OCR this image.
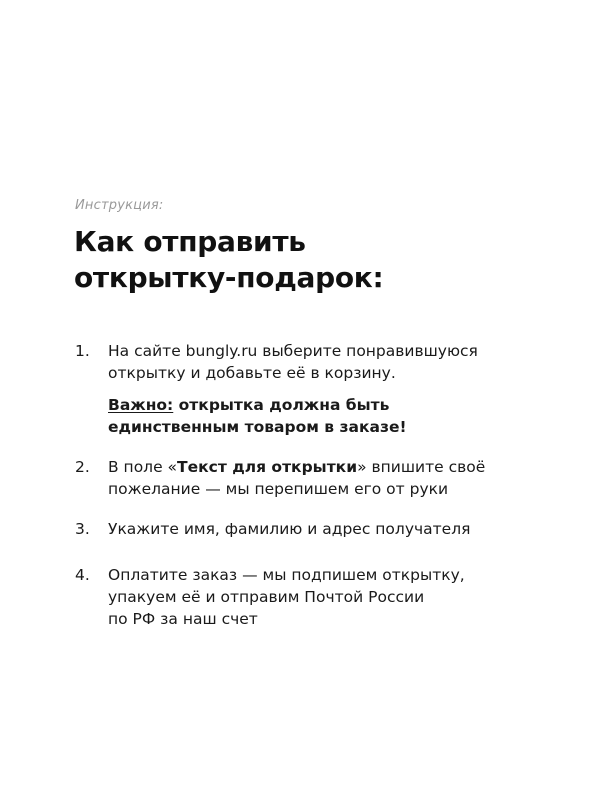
Инструкция:
Как отправить
открытку-подарок:
1.	На сайте bungly.ru выберите понравившуюся
открытку и добавьте её в корзину.
Важно: открытка должна быть
единственным товаром в заказе!
2.	В поле «Текст для открытки» впишите своё
пожелание — мы перепишем его от руки
3.	Укажите имя, фамилию и адрес получателя
4.	Оплатите заказ — мы подпишем открытку,
упакуем её и отправим Почтой России
по РФ за наш счет
